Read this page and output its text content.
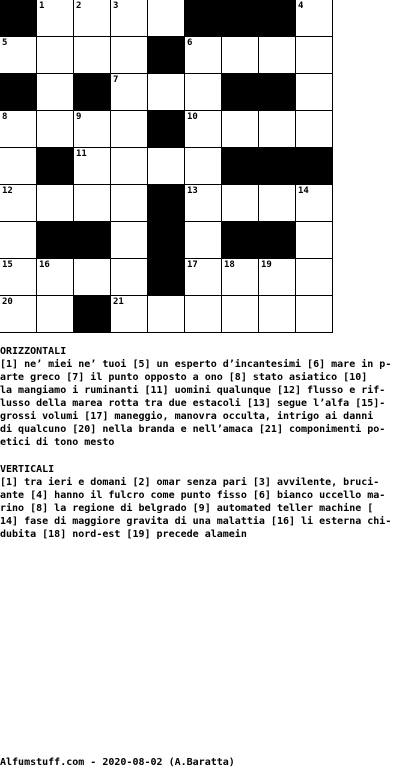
1	2	3	4
5	6
7
8	9	10
11
12	13	14
15	16	17	18	19
20	21
ORIZZONTALI
[1] ne’ miei ne’ tuoi [5] un esperto d’incantesimi [6] mare in p-
arte greco [7] il punto opposto a ono [8] stato asiatico [10]
la mangiamo i ruminanti [11] uomini qualunque [12] flusso e rif-
lusso della marea rotta tra due estacoli [13] segue l’alfa [15]-
grossi volumi [17] maneggio, manovra occulta, intrigo ai danni
di qualcuno [20] nella branda e nell’amaca [21] componimenti po-
etici di tono mesto
VERTICALI
[1] tra ieri e domani [2] omar senza pari [3] avvilente, bruci-
ante [4] hanno il fulcro come punto fisso [6] bianco uccello ma-
rino [8] la regione di belgrado [9] automated teller machine [
14] fase di maggiore gravita di una malattia [16] li esterna chi-
dubita [18] nord-est [19] precede alamein
Alfumstuff.com - 2020-08-02 (A.Baratta)
